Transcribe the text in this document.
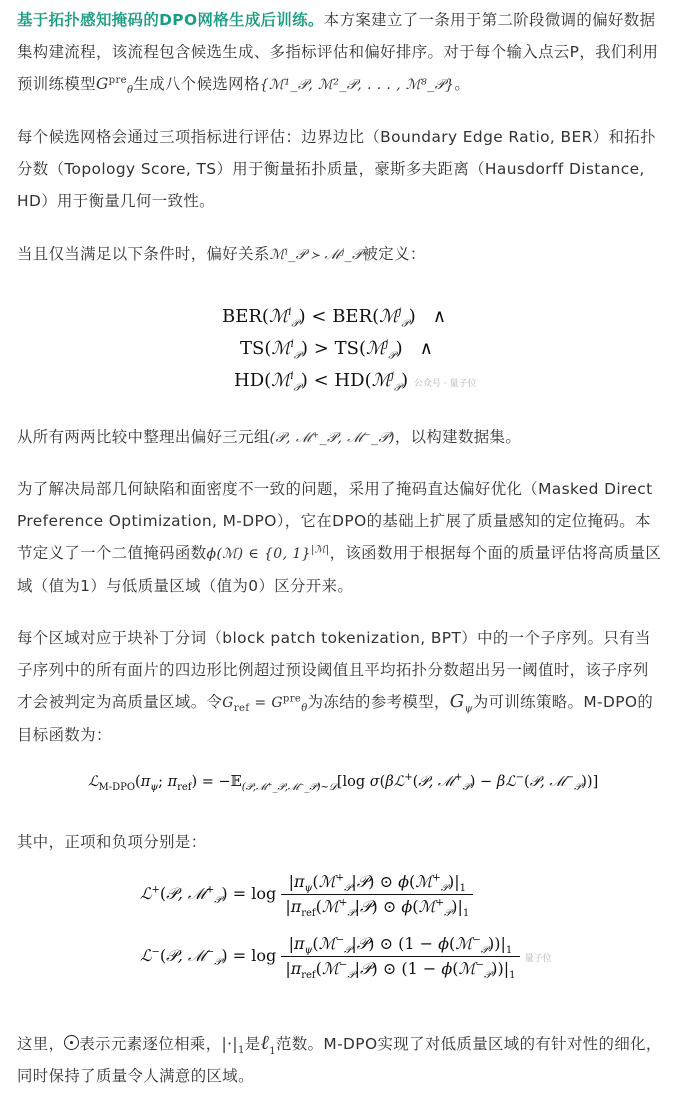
基于拓扑感知掩码的DPO网格生成后训练。本方案建立了一条用于第二阶段微调的偏好数据集构建流程，该流程包含候选生成、多指标评估和偏好排序。对于每个输入点云P，我们利用预训练模型$G^{pre}_\theta$生成八个候选网格{ℳ¹_𝒫, ℳ²_𝒫, . . . , ℳ⁸_𝒫}。

每个候选网格会通过三项指标进行评估：边界边比（Boundary Edge Ratio, BER）和拓扑分数（Topology Score, TS）用于衡量拓扑质量，豪斯多夫距离（Hausdorff Distance, HD）用于衡量几何一致性。

当且仅当满足以下条件时，偏好关系ℳⁱ_𝒫 ≻ ℳʲ_𝒫被定义：

BER(ℳ$^i_𝒫$) < BER(ℳ$^j_𝒫$)   ∧
TS(ℳ$^i_𝒫$) > TS(ℳ$^j_𝒫$)   ∧
HD(ℳ$^i_𝒫$) < HD(ℳ$^j_𝒫$) 公众号 · 量子位

从所有两两比较中整理出偏好三元组(𝒫, ℳ⁺_𝒫, ℳ⁻_𝒫)，以构建数据集。

为了解决局部几何缺陷和面密度不一致的问题，采用了掩码直达偏好优化（Masked Direct Preference Optimization, M-DPO），它在DPO的基础上扩展了质量感知的定位掩码。本节定义了一个二值掩码函数ϕ(ℳ) ∈ {0, 1}$^{|ℳ|}$，该函数用于根据每个面的质量评估将高质量区域（值为1）与低质量区域（值为0）区分开来。

每个区域对应于块补丁分词（block patch tokenization, BPT）中的一个子序列。只有当子序列中的所有面片的四边形比例超过预设阈值且平均拓扑分数超出另一阈值时，该子序列才会被判定为高质量区域。令$G_{ref} = G^{pre}_\theta$为冻结的参考模型，$G_\psi$为可训练策略。M-DPO的目标函数为：

$ℒ_{M-DPO}(\pi_\psi$; $\pi_{ref}$) = −𝔼$_{(𝒫,ℳ^+\_𝒫,ℳ^-\_𝒫)\sim 𝒟}$[log σ(βℒ+(𝒫, ℳ+$_𝒫$) − βℒ−(𝒫, ℳ−$_𝒫$))]

其中，正项和负项分别是：

ℒ+(𝒫, ℳ+$_𝒫$) = $\log \frac{|\pi_\psi(ℳ^+_𝒫|𝒫) ⊙ \phi(ℳ^+_𝒫)|_1}{|\pi_{ref}(ℳ^+_𝒫|𝒫) ⊙ \phi(ℳ^+_𝒫)|_1}$
ℒ−(𝒫, ℳ−$_𝒫$) = $\log \frac{|\pi_\psi(ℳ^-_𝒫|𝒫) ⊙ (1 - \phi(ℳ^-_𝒫))|_1}{|\pi_{ref}(ℳ^-_𝒫|𝒫) ⊙ (1 - \phi(ℳ^-_𝒫))|_1}$ 量子位

这里， 表示元素逐位相乘，$|\cdot|_1$是ℓ$_1$范数。M-DPO实现了对低质量区域的有针对性的细化，同时保持了质量令人满意的区域。
